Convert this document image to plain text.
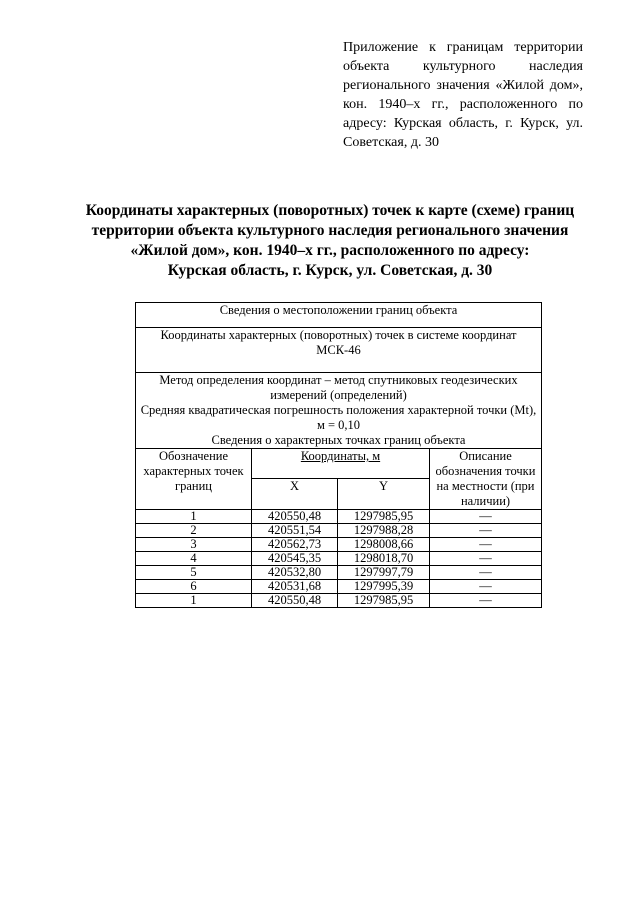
Приложение к границам территории объекта культурного наследия регионального значения «Жилой дом», кон. 1940–х гг., расположенного по адресу: Курская область, г. Курск, ул. Советская, д. 30
Координаты характерных (поворотных) точек к карте (схеме) границ
территории объекта культурного наследия регионального значения
«Жилой дом», кон. 1940–х гг., расположенного по адресу:
Курская область, г. Курск, ул. Советская, д. 30
Сведения о местоположении границ объекта			
Координаты характерных (поворотных) точек в системе координат МСК-46			

Метод определения координат – метод спутниковых геодезических измерений (определений)
Средняя квадратическая погрешность положения характерной точки (Mt), м = 0,10
Сведения о характерных точках границ объекта			

Обозначение характерных точек границ	Координаты, м		Описание обозначения точки на местности (при наличии)
	X	Y	
1	420550,48	1297985,95	—
2	420551,54	1297988,28	—
3	420562,73	1298008,66	—
4	420545,35	1298018,70	—
5	420532,80	1297997,79	—
6	420531,68	1297995,39	—
1	420550,48	1297985,95	—
